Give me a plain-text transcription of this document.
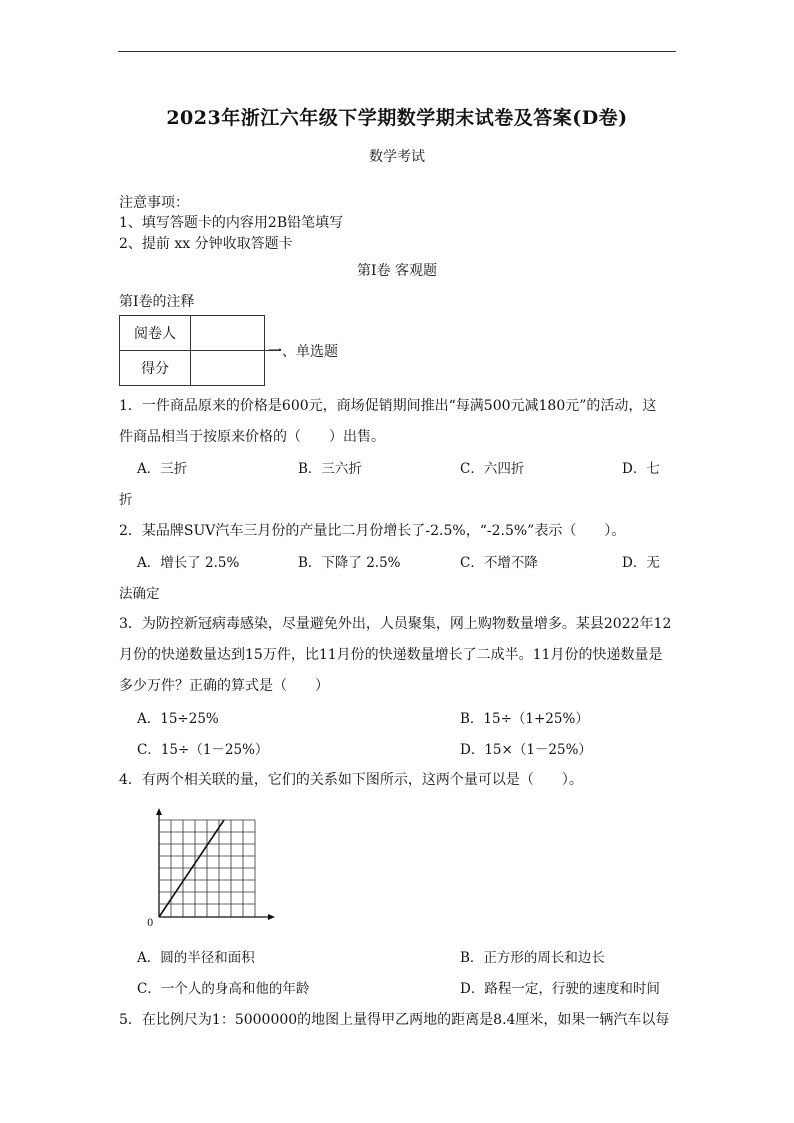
2023年浙江六年级下学期数学期末试卷及答案(D卷)
数学考试
注意事项：
1、填写答题卡的内容用2B铅笔填写
2、提前 xx 分钟收取答题卡
第Ⅰ卷 客观题
第Ⅰ卷的注释
阅卷人	
得分	
一、单选题
1．一件商品原来的价格是600元，商场促销期间推出“每满500元减180元”的活动，这
件商品相当于按原来价格的（　　）出售。
A．三折	B．三六折	C．六四折	D．七
折
2．某品牌SUV汽车三月份的产量比二月份增长了-2.5%，“-2.5%”表示（　　）。
A．增长了 2.5%	B．下降了 2.5%	C．不增不降	D．无
法确定
3．为防控新冠病毒感染，尽量避免外出，人员聚集，网上购物数量增多。某县2022年12
月份的快递数量达到15万件，比11月份的快递数量增长了二成半。11月份的快递数量是
多少万件？正确的算式是（　　）
A．15÷25%	B．15÷（1+25%）
C．15÷（1－25%）	D．15×（1－25%）
4．有两个相关联的量，它们的关系如下图所示，这两个量可以是（　　）。
0
A．圆的半径和面积	B．正方形的周长和边长
C．一个人的身高和他的年龄	D．路程一定，行驶的速度和时间
5．在比例尺为1：5000000的地图上量得甲乙两地的距离是8.4厘米，如果一辆汽车以每
